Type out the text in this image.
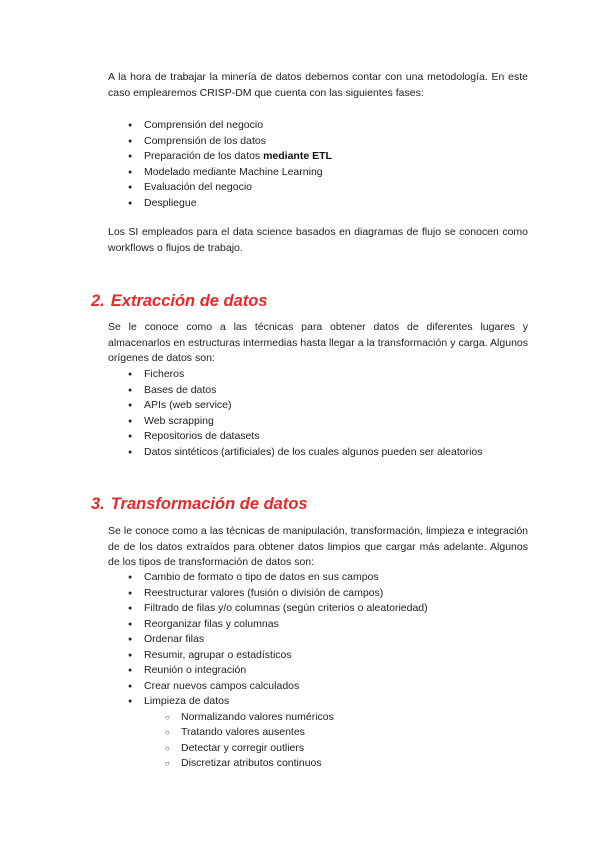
A la hora de trabajar la minería de datos debemos contar con una metodología. En este caso emplearemos CRISP-DM que cuenta con las siguientes fases:

● Comprensión del negocio
● Comprensión de los datos
● Preparación de los datos mediante ETL
● Modelado mediante Machine Learning
● Evaluación del negocio
● Despliegue

Los SI empleados para el data science basados en diagramas de flujo se conocen como workflows o flujos de trabajo.

2. Extracción de datos

Se le conoce como a las técnicas para obtener datos de diferentes lugares y almacenarlos en estructuras intermedias hasta llegar a la transformación y carga. Algunos orígenes de datos son:

● Ficheros
● Bases de datos
● APIs (web service)
● Web scrapping
● Repositorios de datasets
● Datos sintéticos (artificiales) de los cuales algunos pueden ser aleatorios
3. Transformación de datos

Se le conoce como a las técnicas de manipulación, transformación, limpieza e integración de de los datos extraídos para obtener datos limpios que cargar más adelante. Algunos de los tipos de transformación de datos son:

● Cambio de formato o tipo de datos en sus campos
● Reestructurar valores (fusión o división de campos)
● Filtrado de filas y/o columnas (según criterios o aleatoriedad)
● Reorganizar filas y columnas
● Ordenar filas
● Resumir, agrupar o estadísticos
● Reunión o integración
● Crear nuevos campos calculados
● Limpieza de datos
○ Normalizando valores numéricos
○ Tratando valores ausentes
○ Detectar y corregir outliers
○ Discretizar atributos continuos
